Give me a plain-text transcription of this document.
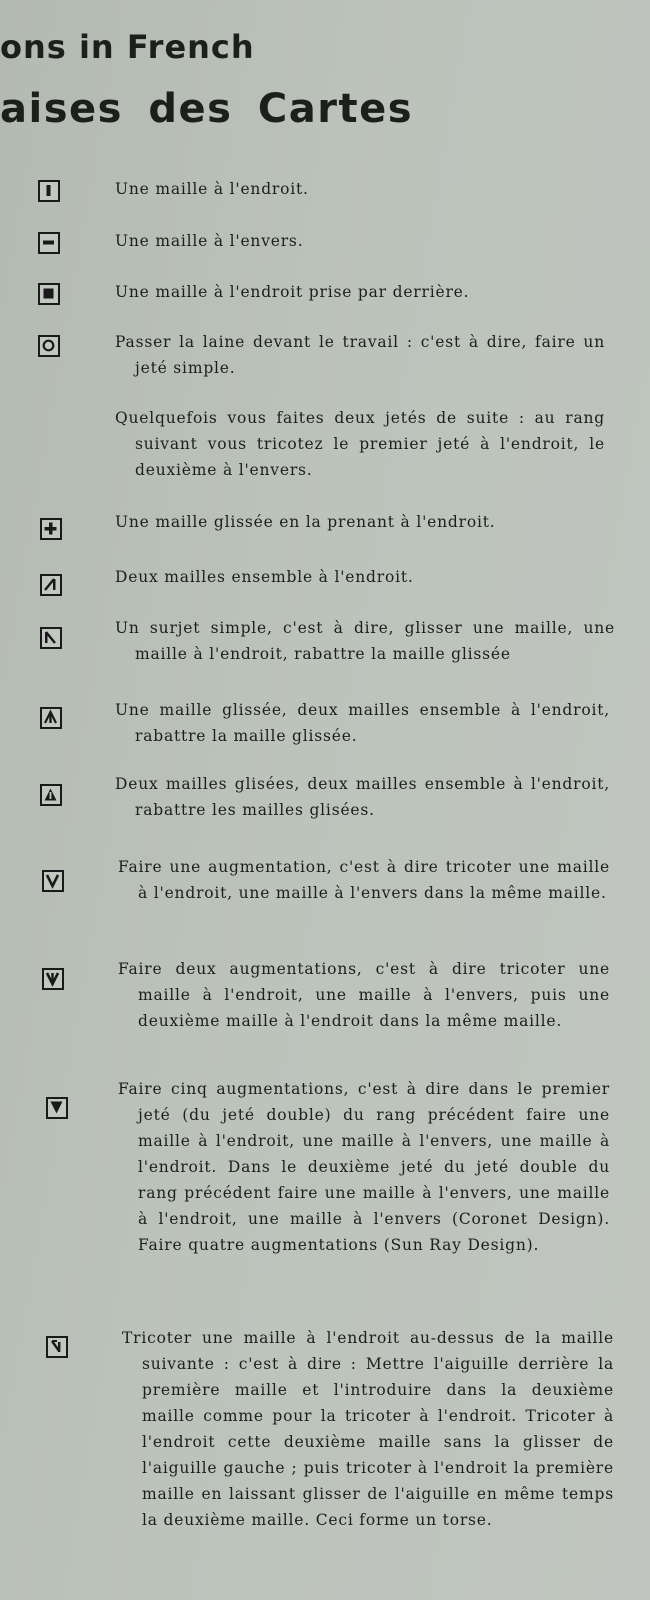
ons in French
aises des Cartes

Une maille à l'endroit.

Une maille à l'envers.

Une maille à l'endroit prise par derrière.

Passer la laine devant le travail : c'est à dire, faire un jeté simple.

Quelquefois vous faites deux jetés de suite : au rang suivant vous tricotez le premier jeté à l'endroit, le deuxième à l'envers.

Une maille glissée en la prenant à l'endroit.

Deux mailles ensemble à l'endroit.

Un surjet simple, c'est à dire, glisser une maille, une maille à l'endroit, rabattre la maille glissée

Une maille glissée, deux mailles ensemble à l'endroit, rabattre la maille glissée.

Deux mailles glisées, deux mailles ensemble à l'endroit, rabattre les mailles glisées.

Faire une augmentation, c'est à dire tricoter une maille à l'endroit, une maille à l'envers dans la même maille.

Faire deux augmentations, c'est à dire tricoter une maille à l'endroit, une maille à l'envers, puis une deuxième maille à l'endroit dans la même maille.

Faire cinq augmentations, c'est à dire dans le premier jeté (du jeté double) du rang précédent faire une maille à l'endroit, une maille à l'envers, une maille à l'endroit. Dans le deuxième jeté du jeté double du rang précédent faire une maille à l'envers, une maille à l'endroit, une maille à l'envers (Coronet Design). Faire quatre augmentations (Sun Ray Design).

Tricoter une maille à l'endroit au-dessus de la maille suivante : c'est à dire : Mettre l'aiguille derrière la première maille et l'introduire dans la deuxième maille comme pour la tricoter à l'endroit. Tricoter à l'endroit cette deuxième maille sans la glisser de l'aiguille gauche ; puis tricoter à l'endroit la première maille en laissant glisser de l'aiguille en même temps la deuxième maille. Ceci forme un torse.
